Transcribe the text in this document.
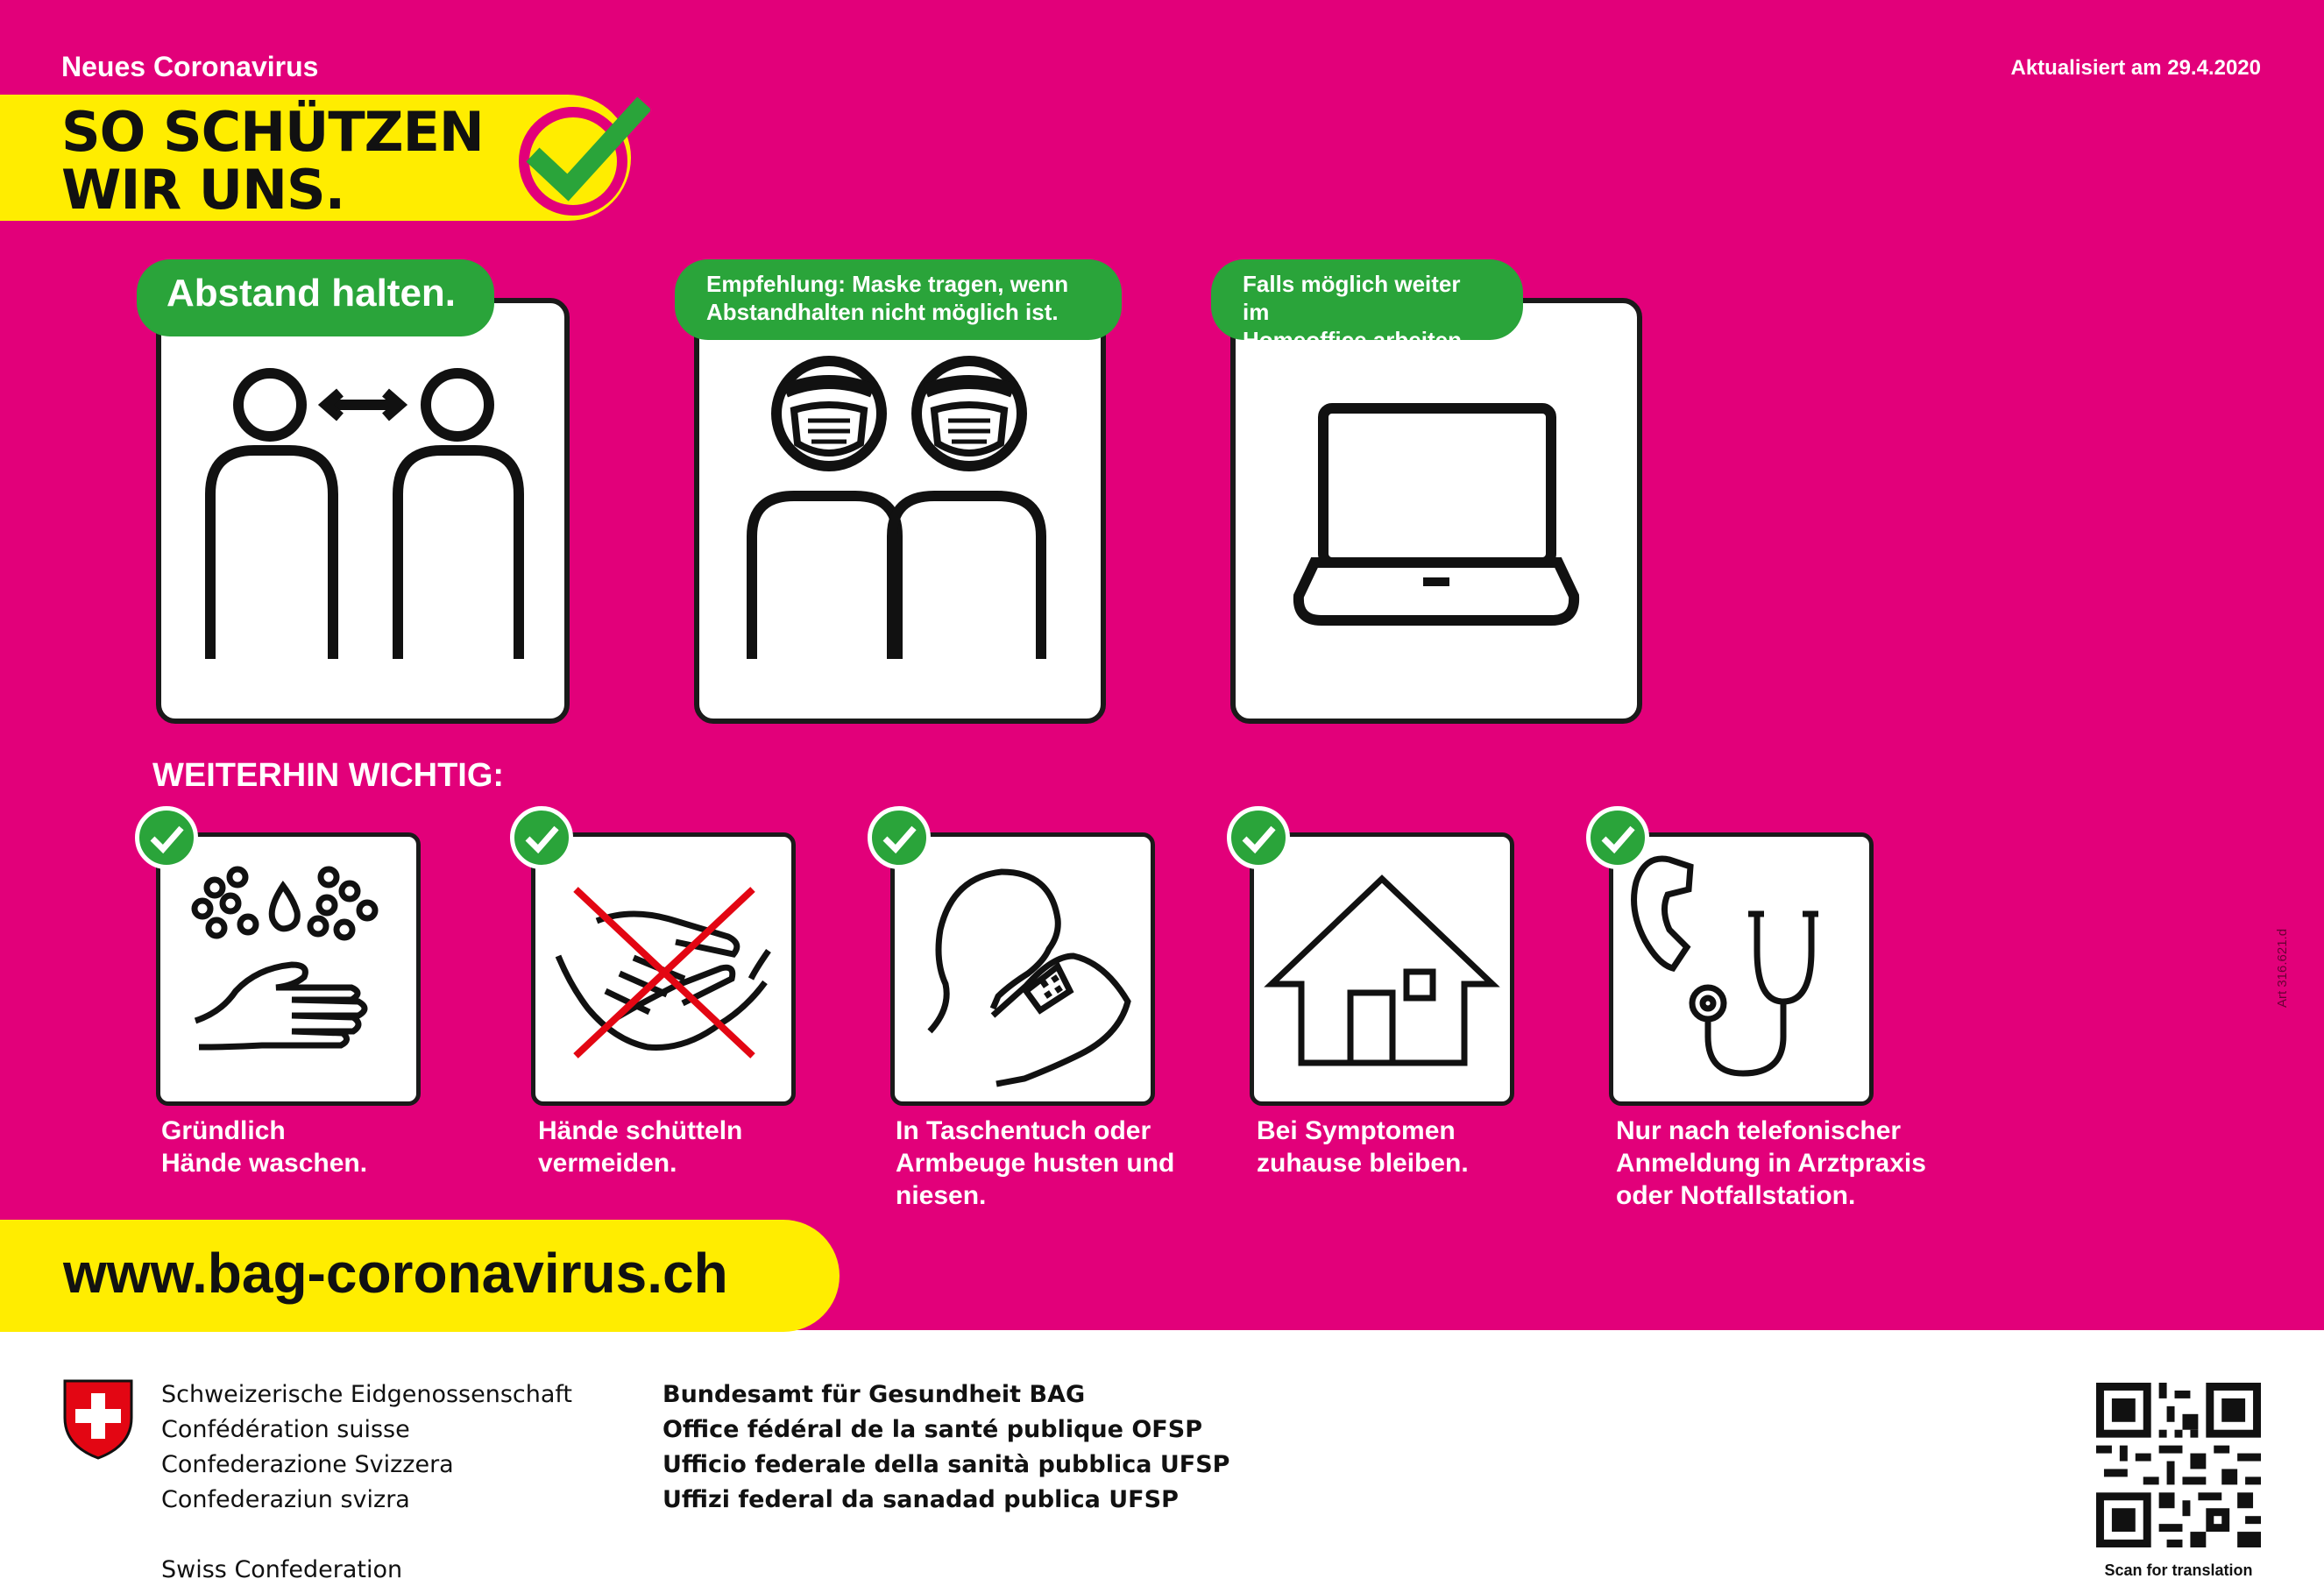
Neues Coronavirus	Aktualisiert am 29.4.2020
SO SCHÜTZEN
WIR UNS.
Abstand halten.	Empfehlung: Maske tragen, wenn
Abstandhalten nicht möglich ist.
Falls möglich weiter im
Homeoffice arbeiten.
WEITERHIN WICHTIG:
Gründlich
Hände waschen.
Hände schütteln
vermeiden.
In Taschentuch oder
Armbeuge husten und
niesen.
Bei Symptomen
zuhause bleiben.
Nur nach telefonischer
Anmeldung in Arztpraxis
oder Notfallstation.
Art 316.621.d
www.bag-coronavirus.ch
Schweizerische Eidgenossenschaft
Confédération suisse
Confederazione Svizzera
Confederaziun svizra
Swiss Confederation
Bundesamt für Gesundheit BAG
Office fédéral de la santé publique OFSP
Ufficio federale della sanità pubblica UFSP
Uffizi federal da sanadad publica UFSP
Scan for translation
